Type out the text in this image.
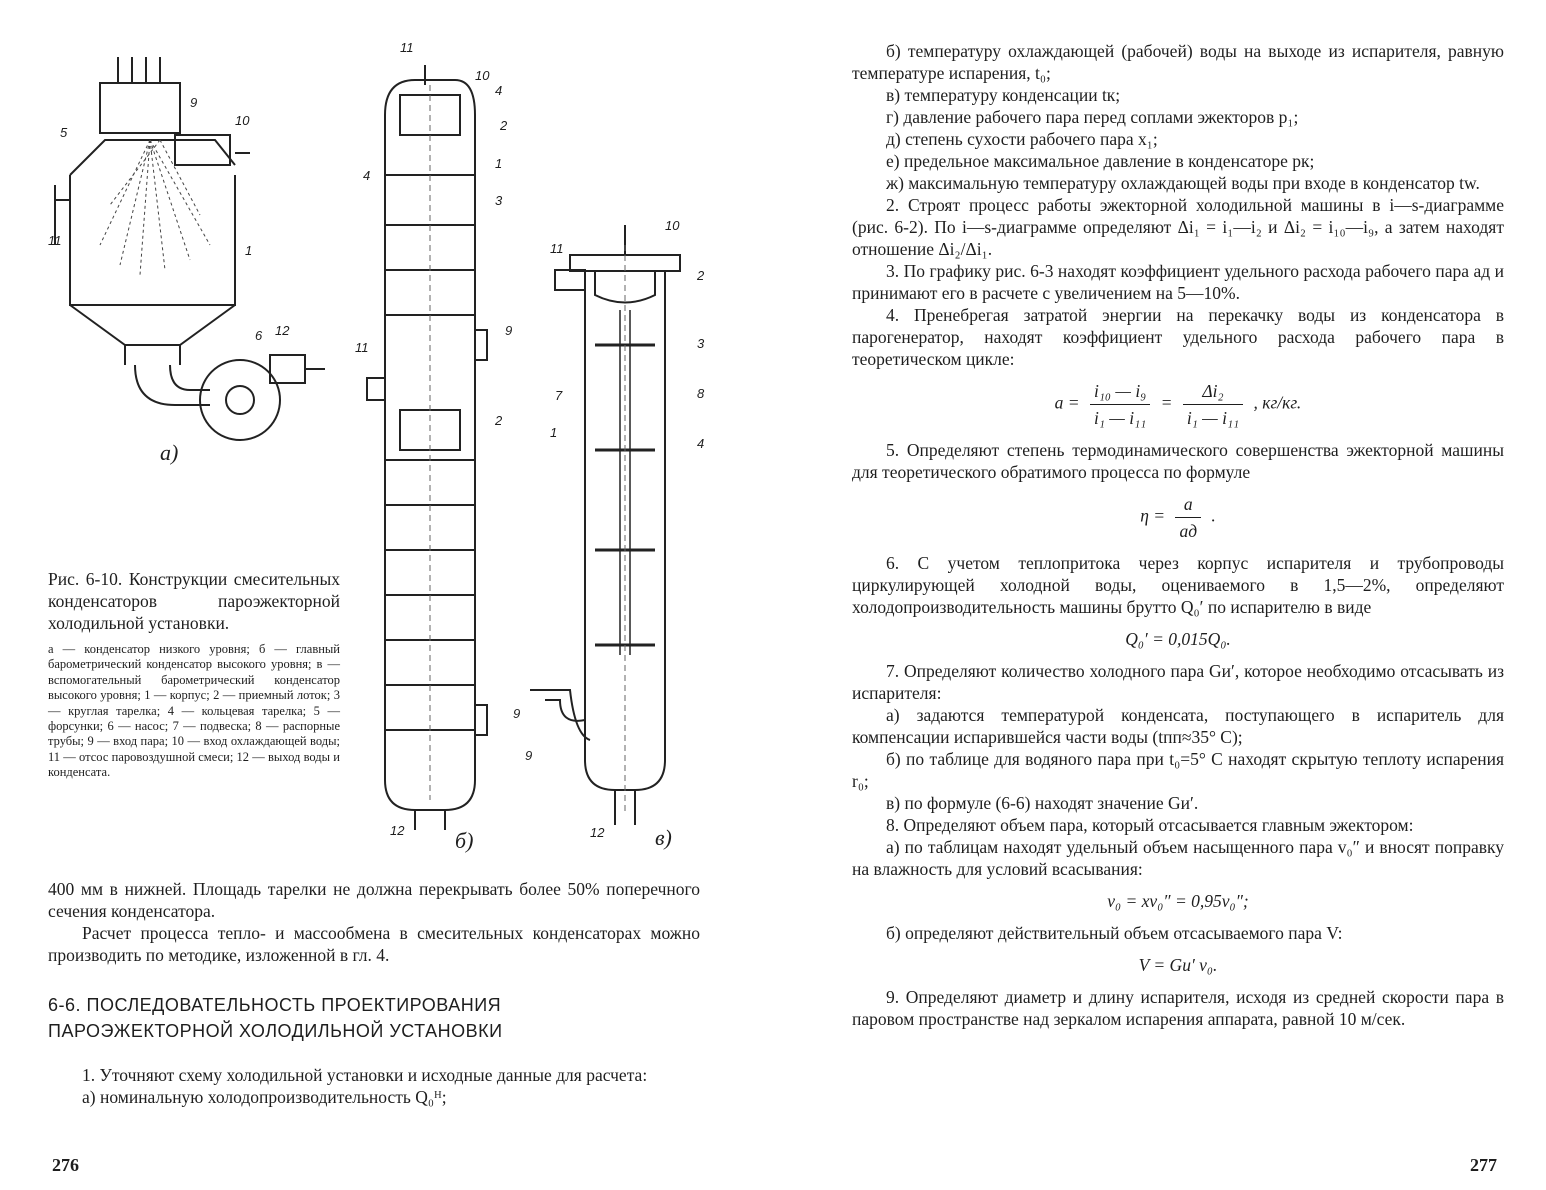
9
10
5
1
11
6 12
а)
11
10
4
2
1
4
3
9
11
2
9
12 б)
10
11
2
3
7	8
1
4
9
12 в)

Рис. 6-10. Конструкции смесительных конденсаторов пароэжекторной холодильной установки.

а — конденсатор низкого уровня; б — главный барометрический конденсатор высокого уровня; в — вспомогательный барометрический конденсатор высокого уровня; 1 — корпус; 2 — приемный лоток; 3 — круглая тарелка; 4 — кольцевая тарелка; 5 — форсунки; 6 — насос; 7 — подвеска; 8 — распорные трубы; 9 — вход пара; 10 — вход охлаждающей воды; 11 — отсос паровоздушной смеси; 12 — выход воды и конденсата.

400 мм в нижней. Площадь тарелки не должна перекрывать более 50% поперечного сечения конденсатора.

Расчет процесса тепло- и массообмена в смесительных конденсаторах можно производить по методике, изложенной в гл. 4.

6-6. ПОСЛЕДОВАТЕЛЬНОСТЬ ПРОЕКТИРОВАНИЯ
ПАРОЭЖЕКТОРНОЙ ХОЛОДИЛЬНОЙ УСТАНОВКИ

1. Уточняют схему холодильной установки и исходные данные для расчета:

а) номинальную холодопроизводительность Q₀ᴴ;

276

б) температуру охлаждающей (рабочей) воды на выходе из испарителя, равную температуре испарения, t₀;

в) температуру конденсации tк;

г) давление рабочего пара перед соплами эжекторов p₁;

д) степень сухости рабочего пара x₁;

е) предельное максимальное давление в конденсаторе pк;

ж) максимальную температуру охлаждающей воды при входе в конденсатор tw.

2. Строят процесс работы эжекторной холодильной машины в i—s-диаграмме (рис. 6-2). По i—s-диаграмме определяют Δi₁ = i₁—i₂ и Δi₂ = i₁₀—i₉, а затем находят отношение Δi₂/Δi₁.

3. По графику рис. 6-3 находят коэффициент удельного расхода рабочего пара aд и принимают его в расчете с увеличением на 5—10%.

4. Пренебрегая затратой энергии на перекачку воды из конденсатора в парогенератор, находят коэффициент удельного расхода рабочего пара в теоретическом цикле:

$a = \frac{\text{i₁₀ — i₉}}{\text{i₁ — i₁₁}} = \frac{\text{Δi₂}}{\text{i₁ — i₁₁}}$ , кг/кг.

5. Определяют степень термодинамического совершенства эжекторной машины для теоретического обратимого процесса по формуле

$\eta = \frac{a}{aд}$ .

6. С учетом теплопритока через корпус испарителя и трубопроводы циркулирующей холодной воды, оцениваемого в 1,5—2%, определяют холодопроизводительность машины брутто Q₀′ по испарителю в виде

Q₀′ = 0,015Q₀.

7. Определяют количество холодного пара Gи′, которое необходимо отсасывать из испарителя:

а) задаются температурой конденсата, поступающего в испаритель для компенсации испарившейся части воды (tпп≈35° С);

б) по таблице для водяного пара при t₀=5° С находят скрытую теплоту испарения r₀;

в) по формуле (6-6) находят значение Gи′.

8. Определяют объем пара, который отсасывается главным эжектором:

а) по таблицам находят удельный объем насыщенного пара v₀″ и вносят поправку на влажность для условий всасывания:

v₀ = xv₀″ = 0,95v₀″;

б) определяют действительный объем отсасываемого пара V:

V = Gи′ v₀.

9. Определяют диаметр и длину испарителя, исходя из средней скорости пара в паровом пространстве над зеркалом испарения аппарата, равной 10 м/сек.

277
